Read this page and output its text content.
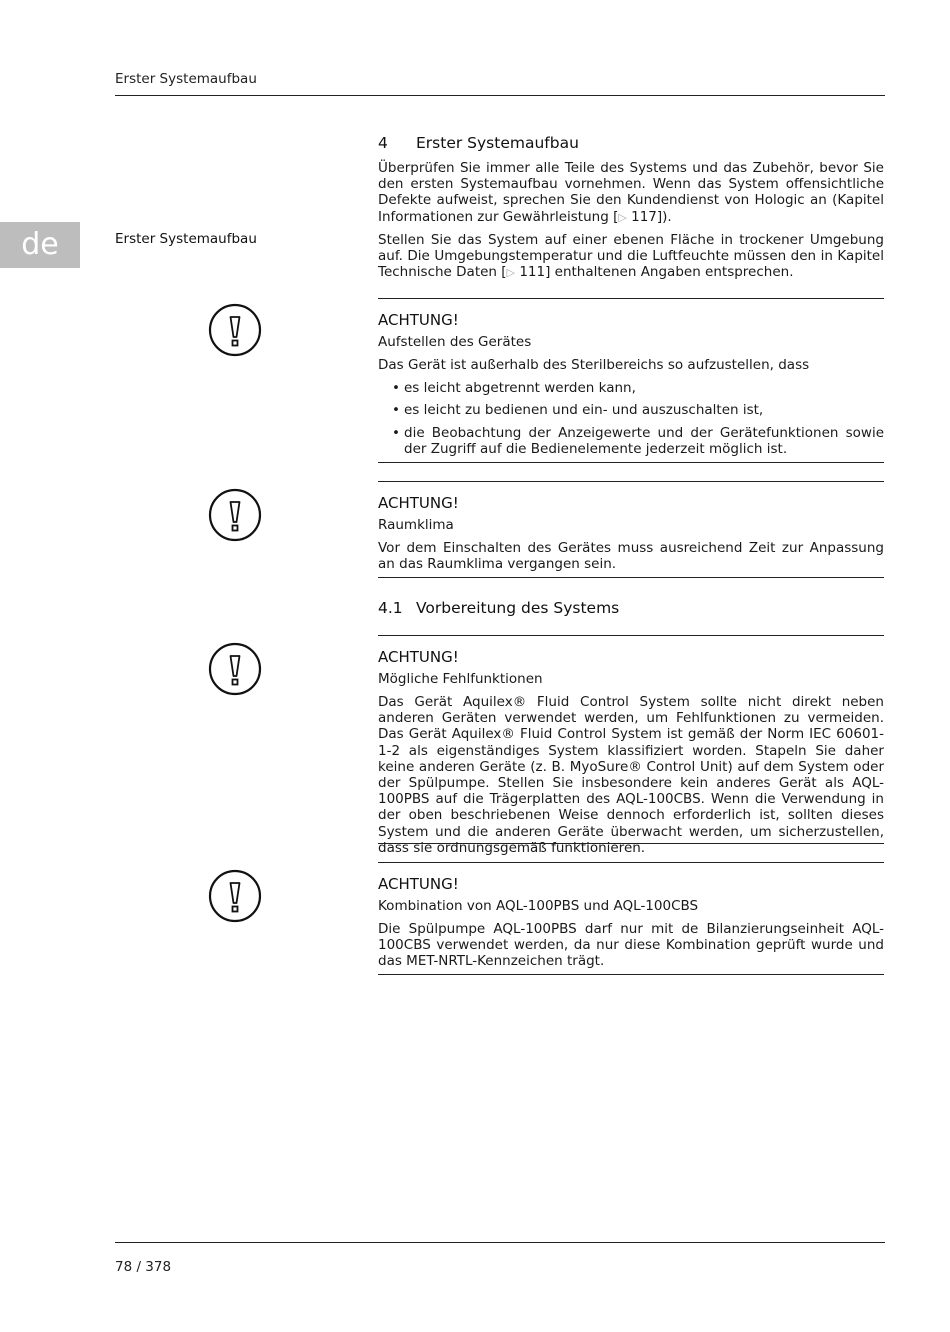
Erster Systemaufbau
de	Erster Systemaufbau
4 Erster Systemaufbau
Überprüfen Sie immer alle Teile des Systems und das Zubehör, bevor Sie den ersten Systemaufbau vornehmen. Wenn das System offensichtliche Defekte aufweist, sprechen Sie den Kundendienst von Hologic an (Kapitel Informationen zur Gewährleistung [▷ 117]).
Stellen Sie das System auf einer ebenen Fläche in trockener Umgebung auf. Die Umgebungstemperatur und die Luftfeuchte müssen den in Kapitel Technische Daten [▷ 111] enthaltenen Angaben entsprechen.
ACHTUNG!
Aufstellen des Gerätes
Das Gerät ist außerhalb des Sterilbereichs so aufzustellen, dass
• es leicht abgetrennt werden kann,
• es leicht zu bedienen und ein- und auszuschalten ist,
• die Beobachtung der Anzeigewerte und der Gerätefunktionen sowie der Zugriff auf die Bedienelemente jederzeit möglich ist.
ACHTUNG!
Raumklima
Vor dem Einschalten des Gerätes muss ausreichend Zeit zur Anpassung an das Raumklima vergangen sein.
4.1 Vorbereitung des Systems
ACHTUNG!
Mögliche Fehlfunktionen
Das Gerät Aquilex® Fluid Control System sollte nicht direkt neben anderen Geräten verwendet werden, um Fehlfunktionen zu vermeiden. Das Gerät Aquilex® Fluid Control System ist gemäß der Norm IEC 60601-1-2 als eigenständiges System klassifiziert worden. Stapeln Sie daher keine anderen Geräte (z. B. MyoSure® Control Unit) auf dem System oder der Spülpumpe. Stellen Sie insbesondere kein anderes Gerät als AQL-100PBS auf die Trägerplatten des AQL-100CBS. Wenn die Verwendung in der oben beschriebenen Weise dennoch erforderlich ist, sollten dieses System und die anderen Geräte überwacht werden, um sicherzustellen, dass sie ordnungsgemäß funktionieren.
ACHTUNG!
Kombination von AQL-100PBS und AQL-100CBS
Die Spülpumpe AQL-100PBS darf nur mit de Bilanzierungseinheit AQL-100CBS verwendet werden, da nur diese Kombination geprüft wurde und das MET-NRTL-Kennzeichen trägt.
78 / 378
